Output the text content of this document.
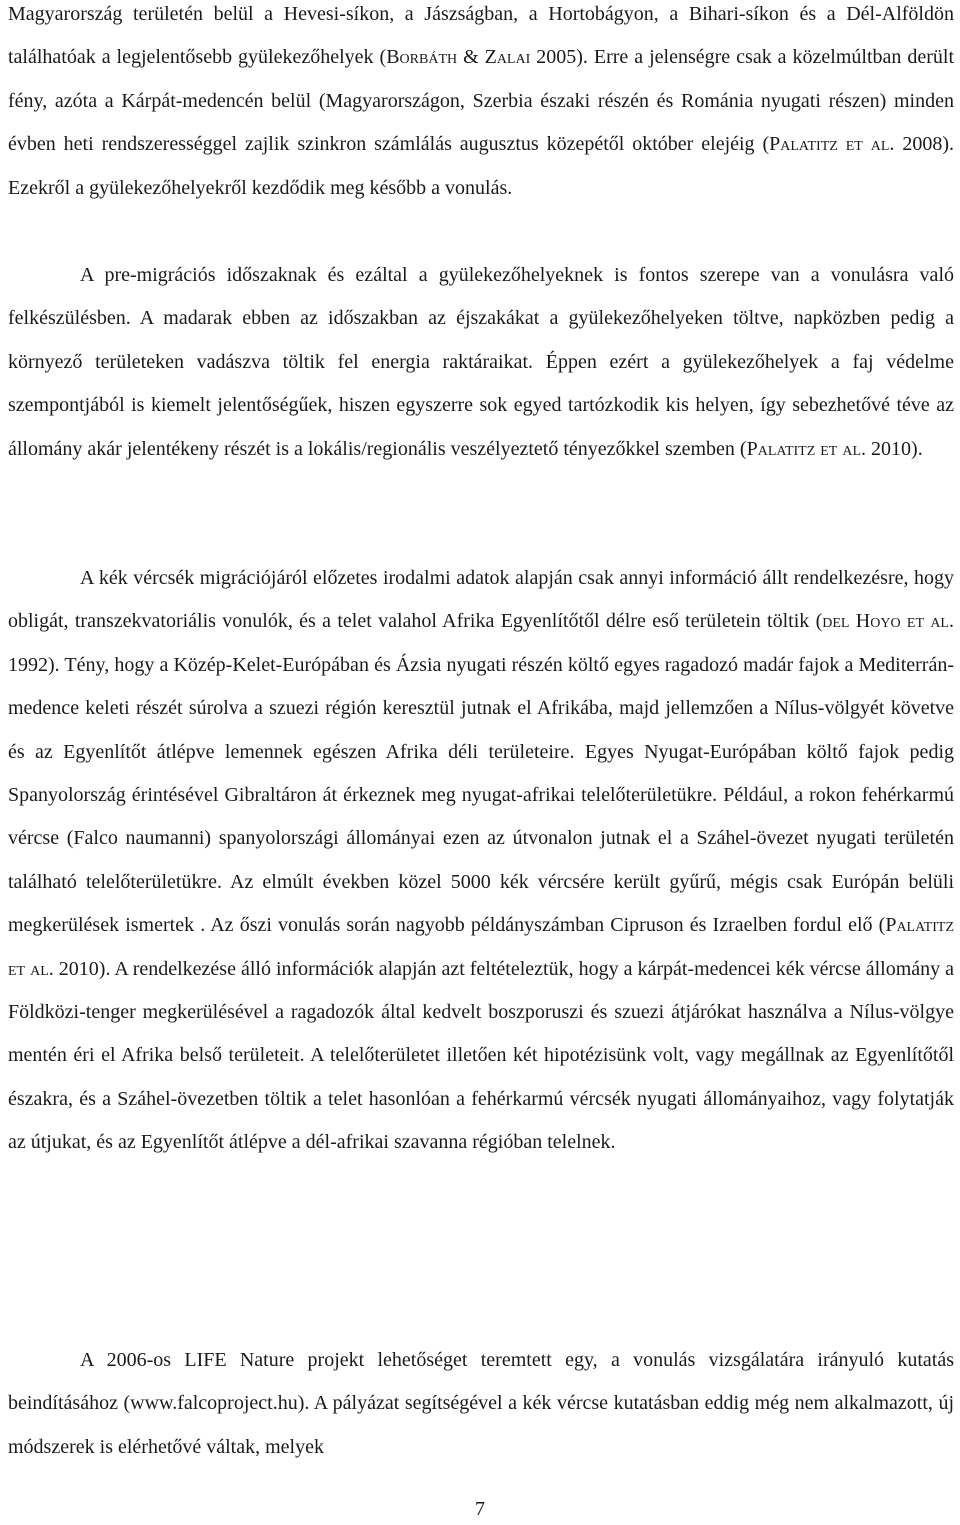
Magyarország területén belül a Hevesi-síkon, a Jászságban, a Hortobágyon, a Bihari-síkon és a Dél-Alföldön találhatóak a legjelentősebb gyülekezőhelyek (Borbáth & Zalai 2005). Erre a jelenségre csak a közelmúltban derült fény, azóta a Kárpát-medencén belül (Magyarországon, Szerbia északi részén és Románia nyugati részen) minden évben heti rendszerességgel zajlik szinkron számlálás augusztus közepétől október elejéig (Palatitz et al. 2008). Ezekről a gyülekezőhelyekről kezdődik meg később a vonulás.

A pre-migrációs időszaknak és ezáltal a gyülekezőhelyeknek is fontos szerepe van a vonulásra való felkészülésben. A madarak ebben az időszakban az éjszakákat a gyülekezőhelyeken töltve, napközben pedig a környező területeken vadászva töltik fel energia raktáraikat. Éppen ezért a gyülekezőhelyek a faj védelme szempontjából is kiemelt jelentőségűek, hiszen egyszerre sok egyed tartózkodik kis helyen, így sebezhetővé téve az állomány akár jelentékeny részét is a lokális/regionális veszélyeztető tényezőkkel szemben (Palatitz et al. 2010).

A kék vércsék migrációjáról előzetes irodalmi adatok alapján csak annyi információ állt rendelkezésre, hogy obligát, transzekvatoriális vonulók, és a telet valahol Afrika Egyenlítőtől délre eső területein töltik (del Hoyo et al. 1992). Tény, hogy a Közép-Kelet-Európában és Ázsia nyugati részén költő egyes ragadozó madár fajok a Mediterrán-medence keleti részét súrolva a szuezi régión keresztül jutnak el Afrikába, majd jellemzően a Nílus-völgyét követve és az Egyenlítőt átlépve lemennek egészen Afrika déli területeire. Egyes Nyugat-Európában költő fajok pedig Spanyolország érintésével Gibraltáron át érkeznek meg nyugat-afrikai telelőterületükre. Például, a rokon fehérkarmú vércse (Falco naumanni) spanyolországi állományai ezen az útvonalon jutnak el a Száhel-övezet nyugati területén található telelőterületükre. Az elmúlt években közel 5000 kék vércsére került gyűrű, mégis csak Európán belüli megkerülések ismertek . Az őszi vonulás során nagyobb példányszámban Cipruson és Izraelben fordul elő (Palatitz et al. 2010). A rendelkezése álló információk alapján azt feltételeztük, hogy a kárpát-medencei kék vércse állomány a Földközi-tenger megkerülésével a ragadozók által kedvelt boszporuszi és szuezi átjárókat használva a Nílus-völgye mentén éri el Afrika belső területeit. A telelőterületet illetően két hipotézisünk volt, vagy megállnak az Egyenlítőtől északra, és a Száhel-övezetben töltik a telet hasonlóan a fehérkarmú vércsék nyugati állományaihoz, vagy folytatják az útjukat, és az Egyenlítőt átlépve a dél-afrikai szavanna régióban telelnek.

A 2006-os LIFE Nature projekt lehetőséget teremtett egy, a vonulás vizsgálatára irányuló kutatás beindításához (www.falcoproject.hu). A pályázat segítségével a kék vércse kutatásban eddig még nem alkalmazott, új módszerek is elérhetővé váltak, melyek

7
